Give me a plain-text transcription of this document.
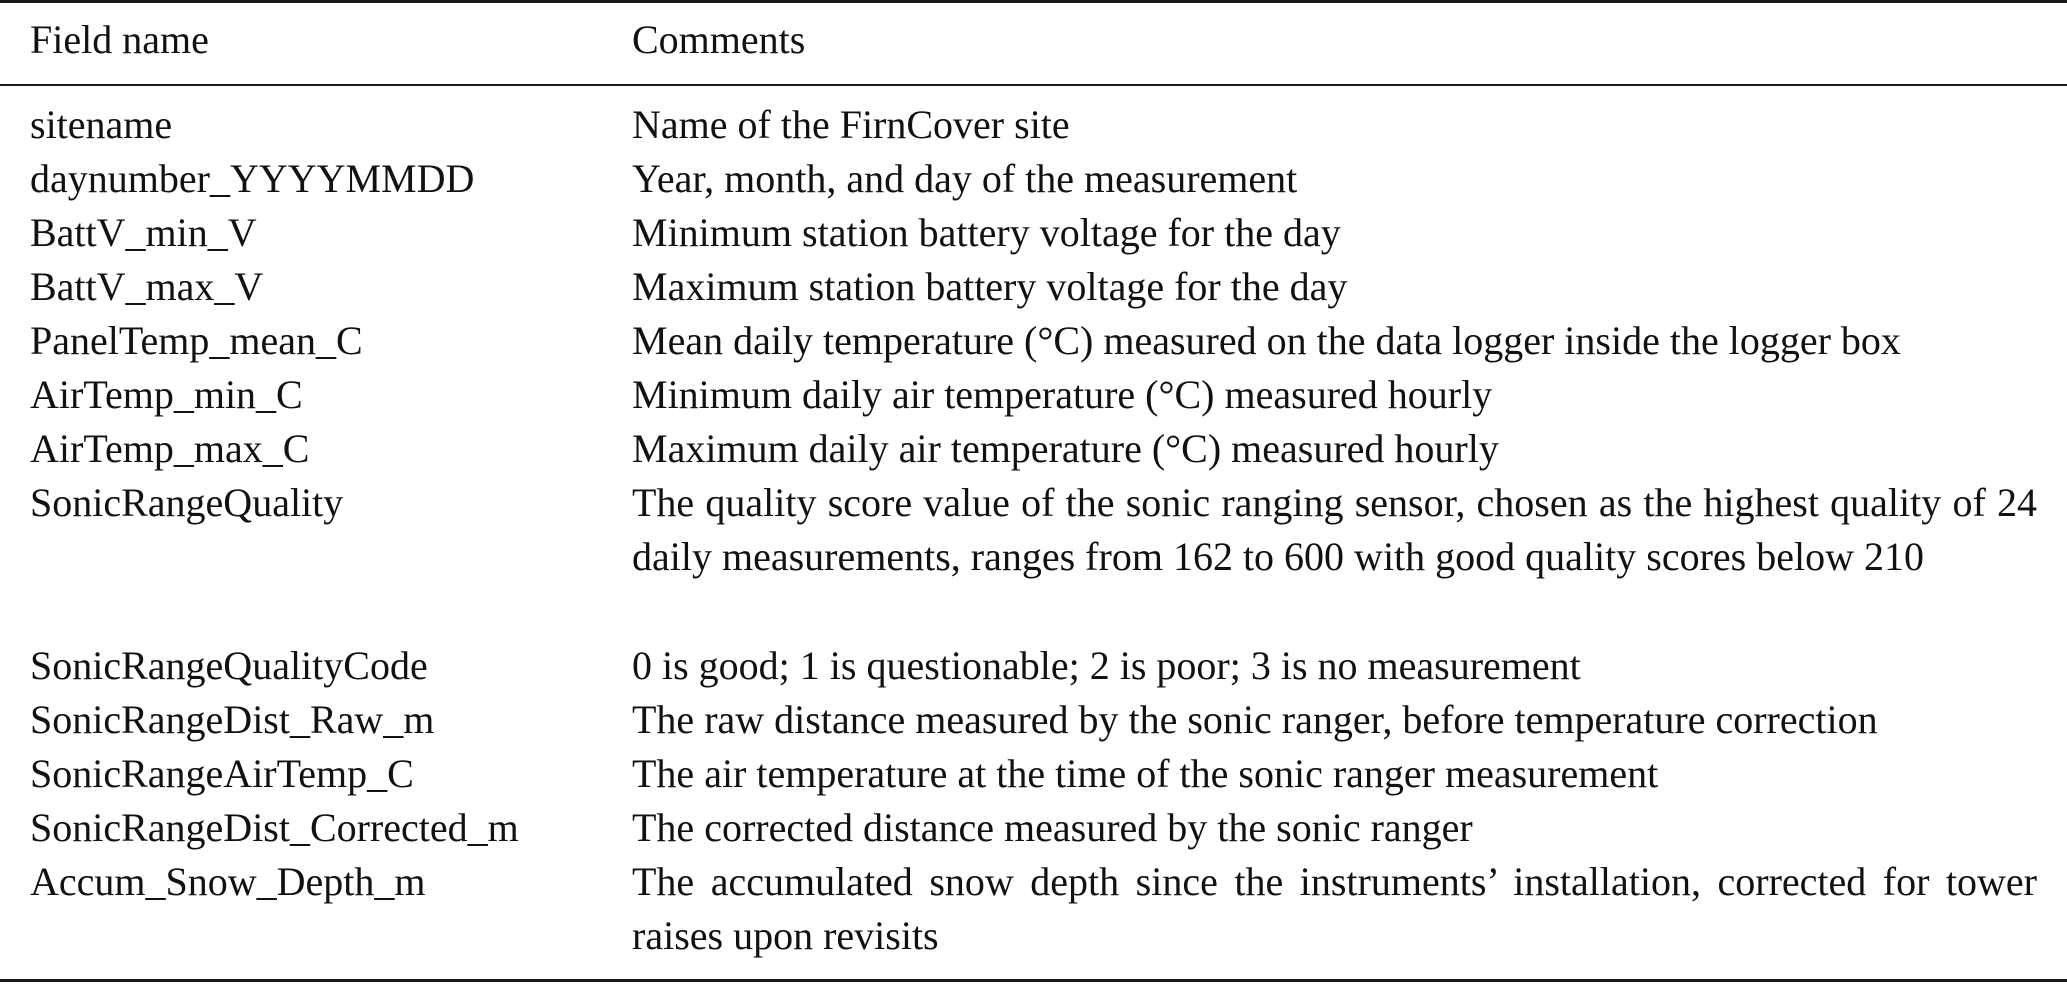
Field name	Comments
sitename	Name of the FirnCover site
daynumber_YYYYMMDD	Year, month, and day of the measurement
BattV_min_V	Minimum station battery voltage for the day
BattV_max_V	Maximum station battery voltage for the day
PanelTemp_mean_C	Mean daily temperature (°C) measured on the data logger inside the logger box
AirTemp_min_C	Minimum daily air temperature (°C) measured hourly
AirTemp_max_C	Maximum daily air temperature (°C) measured hourly
SonicRangeQuality	The quality score value of the sonic ranging sensor, chosen as the highest quality of 24 daily measurements, ranges from 162 to 600 with good quality scores below 210
SonicRangeQualityCode	0 is good; 1 is questionable; 2 is poor; 3 is no measurement
SonicRangeDist_Raw_m	The raw distance measured by the sonic ranger, before temperature correction
SonicRangeAirTemp_C	The air temperature at the time of the sonic ranger measurement
SonicRangeDist_Corrected_m	The corrected distance measured by the sonic ranger
Accum_Snow_Depth_m	The accumulated snow depth since the instruments’ installation, corrected for tower raises upon revisits
